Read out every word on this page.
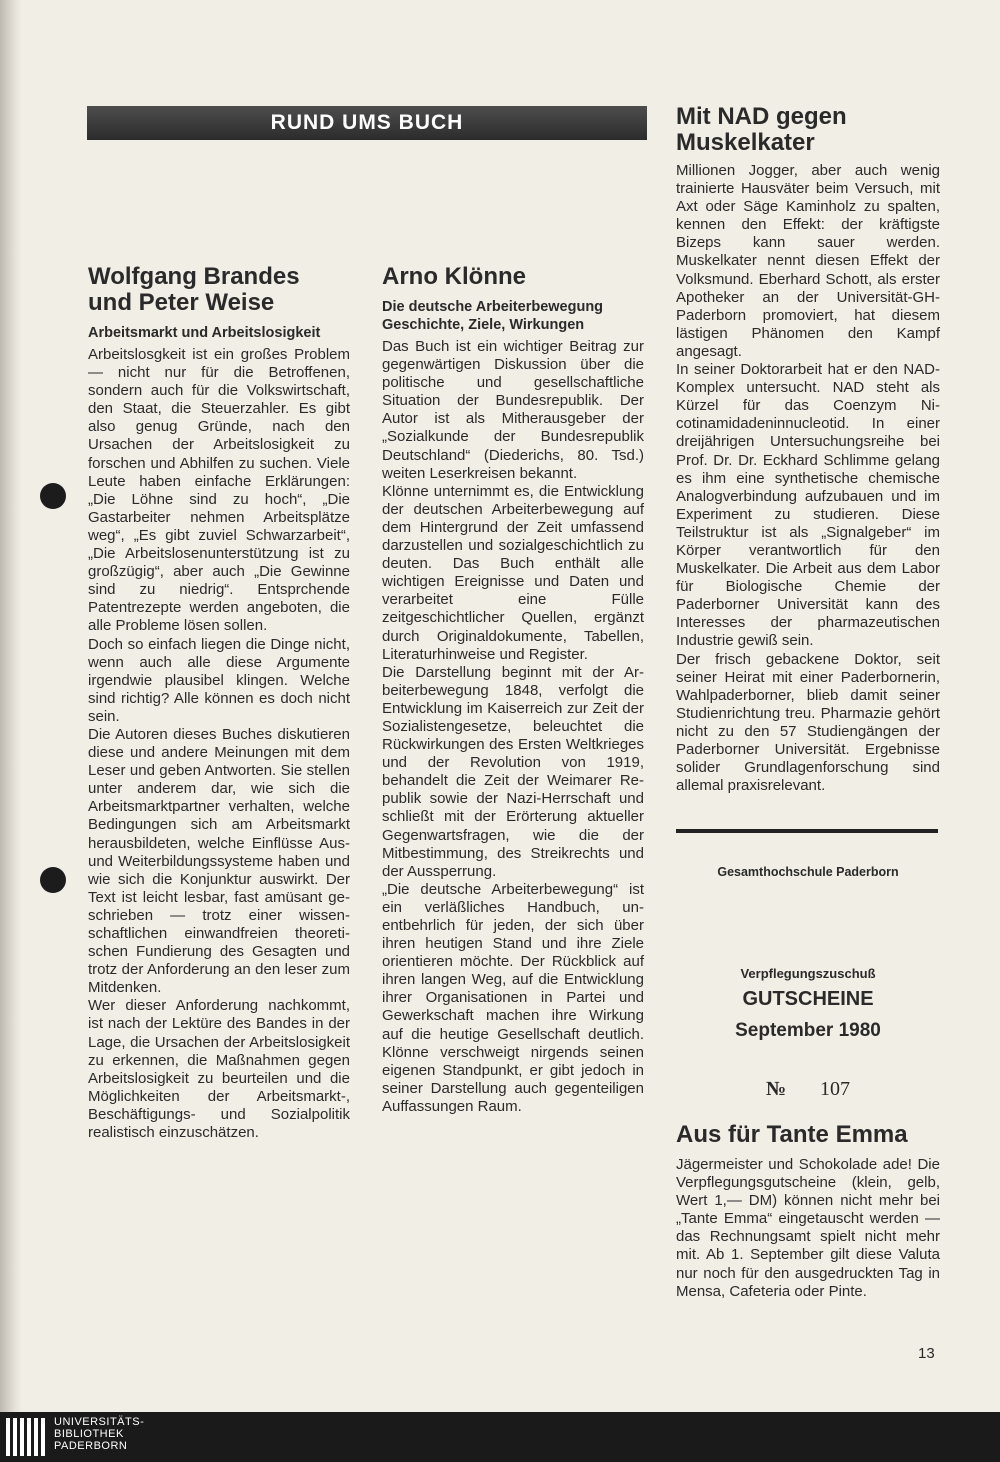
RUND UMS BUCH
Wolfgang Brandes und Peter Weise
Arbeitsmarkt und Arbeitslosigkeit

Arbeitslosgkeit ist ein großes Problem — nicht nur für die Betroffenen, sondern auch für die Volkswirtschaft, den Staat, die Steuerzahler. Es gibt also genug Gründe, nach den Ursachen der Arbeitslosigkeit zu forschen und Abhilfen zu suchen. Viele Leute haben einfache Erklärungen: „Die Löhne sind zu hoch“, „Die Gastarbeiter nehmen Arbeitsplätze weg“, „Es gibt zuviel Schwarzarbeit“, „Die Arbeitslosenunterstützung ist zu großzügig“, aber auch „Die Gewinne sind zu niedrig“. Entsprchende Patentrezepte werden angeboten, die alle Probleme lösen sollen.

Doch so einfach liegen die Dinge nicht, wenn auch alle diese Argumente irgendwie plausibel klingen. Welche sind richtig? Alle können es doch nicht sein.

Die Autoren dieses Buches diskutieren diese und andere Meinungen mit dem Leser und geben Antworten. Sie stellen unter anderem dar, wie sich die Arbeitsmarktpartner verhalten, welche Bedingungen sich am Arbeitsmarkt herausbildeten, welche Einflüsse Aus- und Weiterbildungssysteme haben und wie sich die Konjunktur auswirkt. Der Text ist leicht lesbar, fast amüsant geschrieben — trotz einer wissenschaftlichen einwandfreien theoretischen Fundierung des Gesagten und trotz der Anforderung an den leser zum Mitdenken.

Wer dieser Anforderung nachkommt, ist nach der Lektüre des Bandes in der Lage, die Ursachen der Arbeitslosigkeit zu erkennen, die Maßnahmen gegen Arbeitslosigkeit zu beurteilen und die Möglichkeiten der Arbeitsmarkt-, Beschäftigungs- und Sozialpolitik realistisch einzuschätzen.

Arno Klönne
Die deutsche Arbeiterbewegung Geschichte, Ziele, Wirkungen

Das Buch ist ein wichtiger Beitrag zur gegenwärtigen Diskussion über die politische und gesellschaftliche Situation der Bundesrepublik. Der Autor ist als Mitherausgeber der „Sozialkunde der Bundesrepublik Deutschland“ (Diederichs, 80. Tsd.) weiten Leserkreisen bekannt.

Klönne unternimmt es, die Entwicklung der deutschen Arbeiterbewegung auf dem Hintergrund der Zeit umfassend darzustellen und sozialgeschichtlich zu deuten. Das Buch enthält alle wichtigen Ereignisse und Daten und verarbeitet eine Fülle zeitgeschichtlicher Quellen, ergänzt durch Originaldokumente, Tabellen, Literaturhinweise und Register.

Die Darstellung beginnt mit der Arbeiterbewegung 1848, verfolgt die Entwicklung im Kaiserreich zur Zeit der Sozialistengesetze, beleuchtet die Rückwirkungen des Ersten Weltkrieges und der Revolution von 1919, behandelt die Zeit der Weimarer Republik sowie der Nazi-Herrschaft und schließt mit der Erörterung aktueller Gegenwartsfragen, wie die der Mitbestimmung, des Streikrechts und der Aussperrung.

„Die deutsche Arbeiterbewegung“ ist ein verläßliches Handbuch, unentbehrlich für jeden, der sich über ihren heutigen Stand und ihre Ziele orientieren möchte. Der Rückblick auf ihren langen Weg, auf die Entwicklung ihrer Organisationen in Partei und Gewerkschaft machen ihre Wirkung auf die heutige Gesellschaft deutlich. Klönne verschweigt nirgends seinen eigenen Standpunkt, er gibt jedoch in seiner Darstellung auch gegenteiligen Auffassungen Raum.

Mit NAD gegen Muskelkater

Millionen Jogger, aber auch wenig trainierte Hausväter beim Versuch, mit Axt oder Säge Kaminholz zu spalten, kennen den Effekt: der kräftigste Bizeps kann sauer werden. Muskelkater nennt diesen Effekt der Volksmund. Eberhard Schott, als erster Apotheker an der Universität-GH-Paderborn promoviert, hat diesem lästigen Phänomen den Kampf angesagt.

In seiner Doktorarbeit hat er den NAD-Komplex untersucht. NAD steht als Kürzel für das Coenzym Nicotinamidadeninnucleotid. In einer dreijährigen Untersuchungsreihe bei Prof. Dr. Dr. Eckhard Schlimme gelang es ihm eine synthetische chemische Analogverbindung aufzubauen und im Experiment zu studieren. Diese Teilstruktur ist als „Signalgeber“ im Körper verantwortlich für den Muskelkater. Die Arbeit aus dem Labor für Biologische Chemie der Paderborner Universität kann des Interesses der pharmazeutischen Industrie gewiß sein.

Der frisch gebackene Doktor, seit seiner Heirat mit einer Paderbornerin, Wahlpaderborner, blieb damit seiner Studienrichtung treu. Pharmazie gehört nicht zu den 57 Studiengängen der Paderborner Universität. Ergebnisse solider Grundlagenforschung sind allemal praxisrelevant.

Gesamthochschule Paderborn
Verpflegungszuschuß
GUTSCHEINE
September 1980
№ 107
Aus für Tante Emma

Jägermeister und Schokolade ade! Die Verpflegungsgutscheine (klein, gelb, Wert 1,— DM) können nicht mehr bei „Tante Emma“ eingetauscht werden — das Rechnungsamt spielt nicht mehr mit. Ab 1. September gilt diese Valuta nur noch für den ausgedruckten Tag in Mensa, Cafeteria oder Pinte.

13
UNIVERSITÄTS-
BIBLIOTHEK
PADERBORN
